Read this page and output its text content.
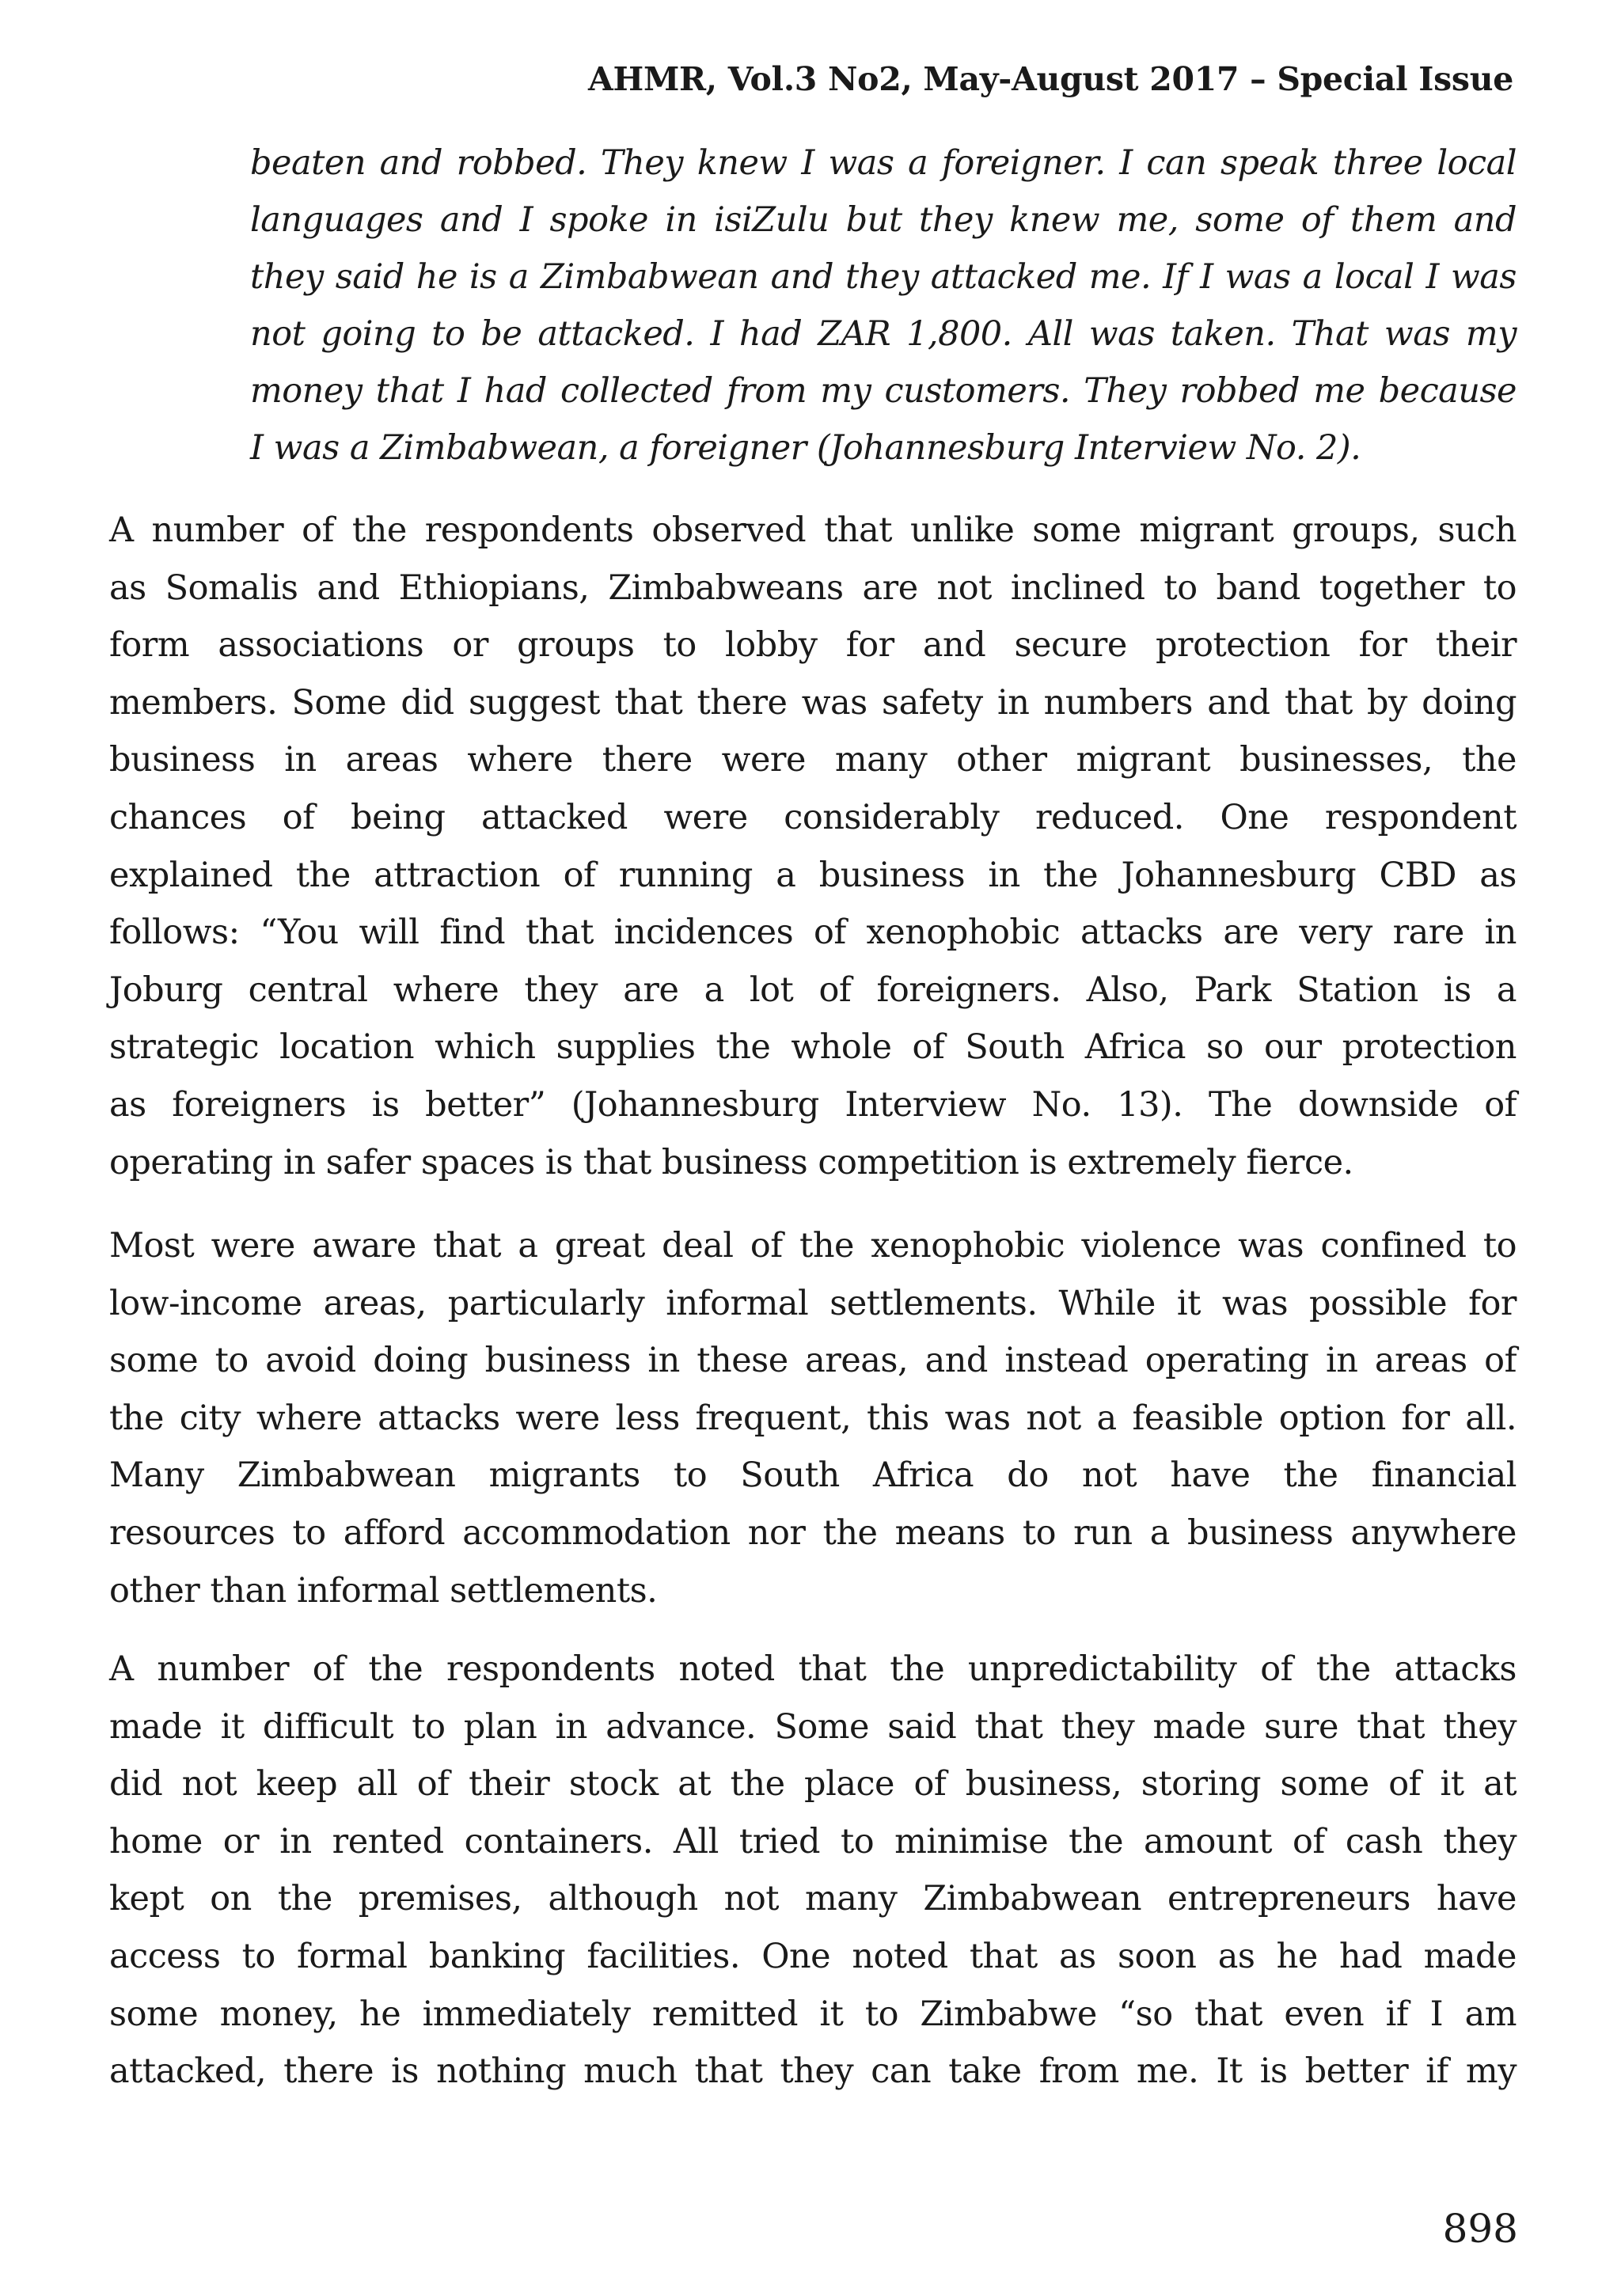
AHMR, Vol.3 No2, May-August 2017 – Special Issue
beaten and robbed. They knew I was a foreigner. I can speak three local
languages and I spoke in isiZulu but they knew me, some of them and
they said he is a Zimbabwean and they attacked me. If I was a local I was
not going to be attacked. I had ZAR 1,800. All was taken. That was my
money that I had collected from my customers. They robbed me because
I was a Zimbabwean, a foreigner (Johannesburg Interview No. 2).
A number of the respondents observed that unlike some migrant groups, such
as Somalis and Ethiopians, Zimbabweans are not inclined to band together to
form associations or groups to lobby for and secure protection for their
members. Some did suggest that there was safety in numbers and that by doing
business in areas where there were many other migrant businesses, the
chances of being attacked were considerably reduced. One respondent
explained the attraction of running a business in the Johannesburg CBD as
follows: “You will find that incidences of xenophobic attacks are very rare in
Joburg central where they are a lot of foreigners. Also, Park Station is a
strategic location which supplies the whole of South Africa so our protection
as foreigners is better” (Johannesburg Interview No. 13). The downside of
operating in safer spaces is that business competition is extremely fierce.
Most were aware that a great deal of the xenophobic violence was confined to
low-income areas, particularly informal settlements. While it was possible for
some to avoid doing business in these areas, and instead operating in areas of
the city where attacks were less frequent, this was not a feasible option for all.
Many Zimbabwean migrants to South Africa do not have the financial
resources to afford accommodation nor the means to run a business anywhere
other than informal settlements.
A number of the respondents noted that the unpredictability of the attacks
made it difficult to plan in advance. Some said that they made sure that they
did not keep all of their stock at the place of business, storing some of it at
home or in rented containers. All tried to minimise the amount of cash they
kept on the premises, although not many Zimbabwean entrepreneurs have
access to formal banking facilities. One noted that as soon as he had made
some money, he immediately remitted it to Zimbabwe “so that even if I am
attacked, there is nothing much that they can take from me. It is better if my
898
